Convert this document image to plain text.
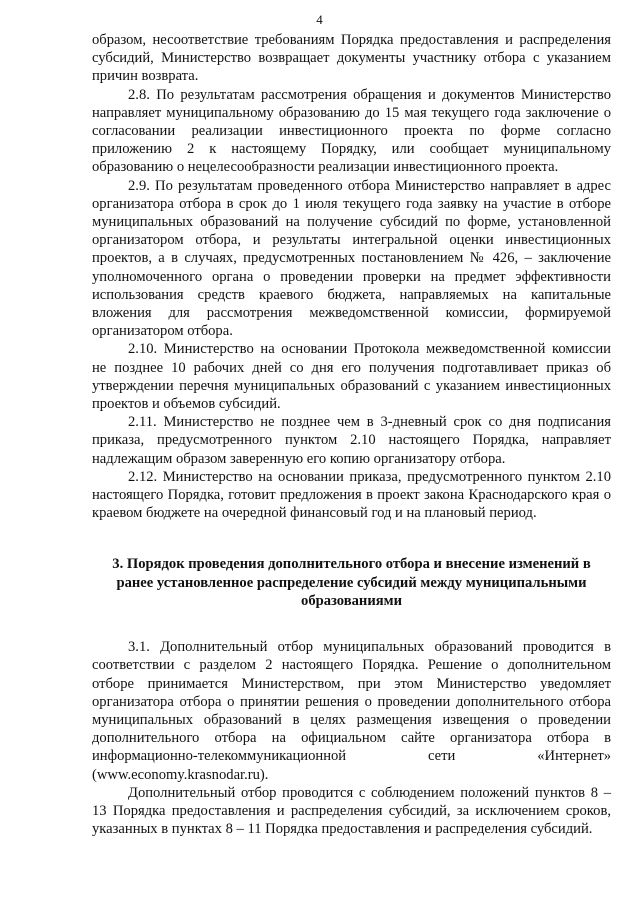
4

образом, несоответствие требованиям Порядка предоставления и распределения субсидий, Министерство возвращает документы участнику отбора с указанием причин возврата.

2.8. По результатам рассмотрения обращения и документов Министерство направляет муниципальному образованию до 15 мая текущего года заключение о согласовании реализации инвестиционного проекта по форме согласно приложению 2 к настоящему Порядку, или сообщает муниципальному образованию о нецелесообразности реализации инвестиционного проекта.

2.9. По результатам проведенного отбора Министерство направляет в адрес организатора отбора в срок до 1 июля текущего года заявку на участие в отборе муниципальных образований на получение субсидий по форме, установленной организатором отбора, и результаты интегральной оценки инвестиционных проектов, а в случаях, предусмотренных постановлением № 426, – заключение уполномоченного органа о проведении проверки на предмет эффективности использования средств краевого бюджета, направляемых на капитальные вложения для рассмотрения межведомственной комиссии, формируемой организатором отбора.

2.10. Министерство на основании Протокола межведомственной комиссии не позднее 10 рабочих дней со дня его получения подготавливает приказ об утверждении перечня муниципальных образований с указанием инвестиционных проектов и объемов субсидий.

2.11. Министерство не позднее чем в 3-дневный срок со дня подписания приказа, предусмотренного пунктом 2.10 настоящего Порядка, направляет надлежащим образом заверенную его копию организатору отбора.

2.12. Министерство на основании приказа, предусмотренного пунктом 2.10 настоящего Порядка, готовит предложения в проект закона Краснодарского края о краевом бюджете на очередной финансовый год и на плановый период.

3. Порядок проведения дополнительного отбора и внесение изменений в ранее установленное распределение субсидий между муниципальными образованиями

3.1. Дополнительный отбор муниципальных образований проводится в соответствии с разделом 2 настоящего Порядка. Решение о дополнительном отборе принимается Министерством, при этом Министерство уведомляет организатора отбора о принятии решения о проведении дополнительного отбора муниципальных образований в целях размещения извещения о проведении дополнительного отбора на официальном сайте организатора отбора в информационно-телекоммуникационной сети «Интернет» (www.economy.krasnodar.ru).

Дополнительный отбор проводится с соблюдением положений пунктов 8 – 13 Порядка предоставления и распределения субсидий, за исключением сроков, указанных в пунктах 8 – 11 Порядка предоставления и распределения субсидий.
